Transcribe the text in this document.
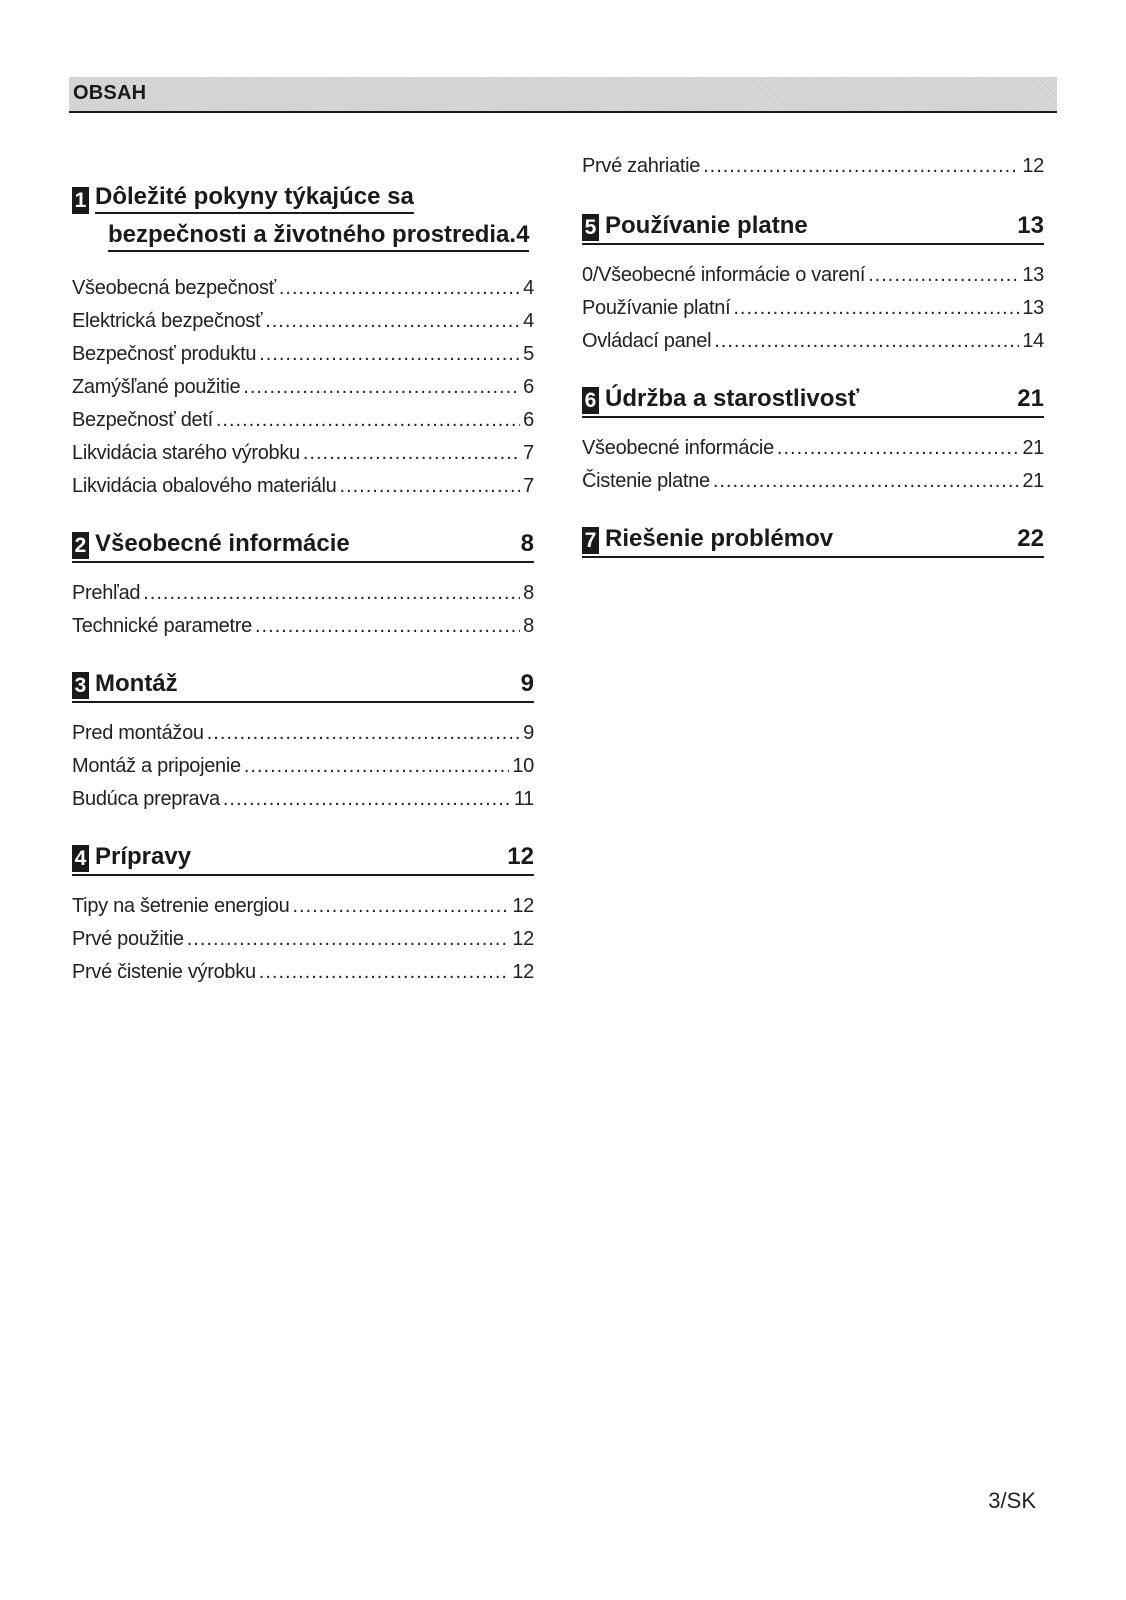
OBSAH
1 Dôležité pokyny týkajúce sa
bezpečnosti a životného prostredia.4
Všeobecná bezpečnosť .....	4
Elektrická bezpečnosť .....	4
Bezpečnosť produktu .....	5
Zamýšľané použitie .....	6
Bezpečnosť detí .....	6
Likvidácia starého výrobku .....	7
Likvidácia obalového materiálu .....	7
2 Všeobecné informácie	8
Prehľad .....	8
Technické parametre .....	8
3 Montáž	9
Pred montážou .....	9
Montáž a pripojenie .....	10
Budúca preprava .....	11
4 Prípravy	12
Tipy na šetrenie energiou .....	12
Prvé použitie .....	12
Prvé čistenie výrobku .....	12
Prvé zahriatie .....	12
5 Používanie platne	13
0/Všeobecné informácie o varení .....	13
Používanie platní .....	13
Ovládací panel .....	14
6 Údržba a starostlivosť	21
Všeobecné informácie .....	21
Čistenie platne .....	21
7 Riešenie problémov	22
3/SK
